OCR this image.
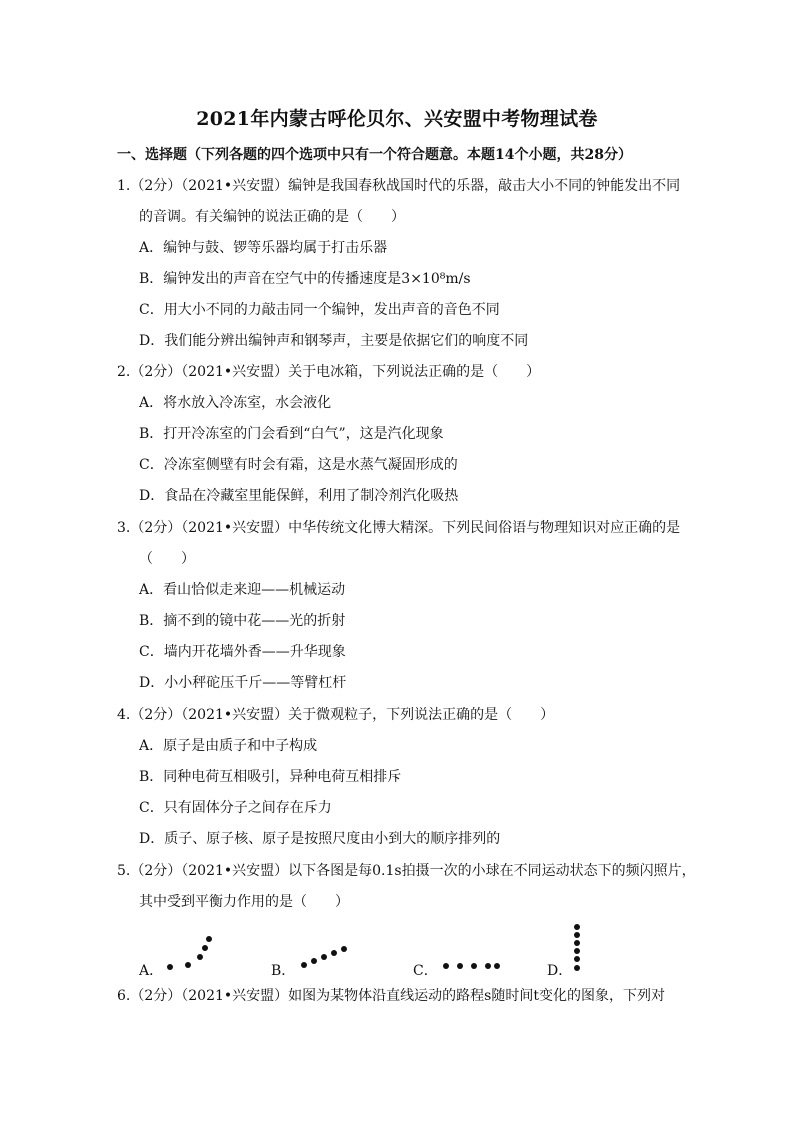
2021年内蒙古呼伦贝尔、兴安盟中考物理试卷
一、选择题（下列各题的四个选项中只有一个符合题意。本题14个小题，共28分）
1.（2分）（2021•兴安盟）编钟是我国春秋战国时代的乐器，敲击大小不同的钟能发出不同
的音调。有关编钟的说法正确的是（　　）
A．编钟与鼓、锣等乐器均属于打击乐器
B．编钟发出的声音在空气中的传播速度是3×10⁸m/s
C．用大小不同的力敲击同一个编钟，发出声音的音色不同
D．我们能分辨出编钟声和钢琴声，主要是依据它们的响度不同
2.（2分）（2021•兴安盟）关于电冰箱，下列说法正确的是（　　）
A．将水放入冷冻室，水会液化
B．打开冷冻室的门会看到“白气”，这是汽化现象
C．冷冻室侧壁有时会有霜，这是水蒸气凝固形成的
D．食品在冷藏室里能保鲜，利用了制冷剂汽化吸热
3.（2分）（2021•兴安盟）中华传统文化博大精深。下列民间俗语与物理知识对应正确的是
（　　）
A．看山恰似走来迎——机械运动
B．摘不到的镜中花——光的折射
C．墙内开花墙外香——升华现象
D．小小秤砣压千斤——等臂杠杆
4.（2分）（2021•兴安盟）关于微观粒子，下列说法正确的是（　　）
A．原子是由质子和中子构成
B．同种电荷互相吸引，异种电荷互相排斥
C．只有固体分子之间存在斥力
D．质子、原子核、原子是按照尺度由小到大的顺序排列的
5.（2分）（2021•兴安盟）以下各图是每0.1s拍摄一次的小球在不同运动状态下的频闪照片，
其中受到平衡力作用的是（　　）
A．	B．	C．	D．
6.（2分）（2021•兴安盟）如图为某物体沿直线运动的路程s随时间t变化的图象，下列对
